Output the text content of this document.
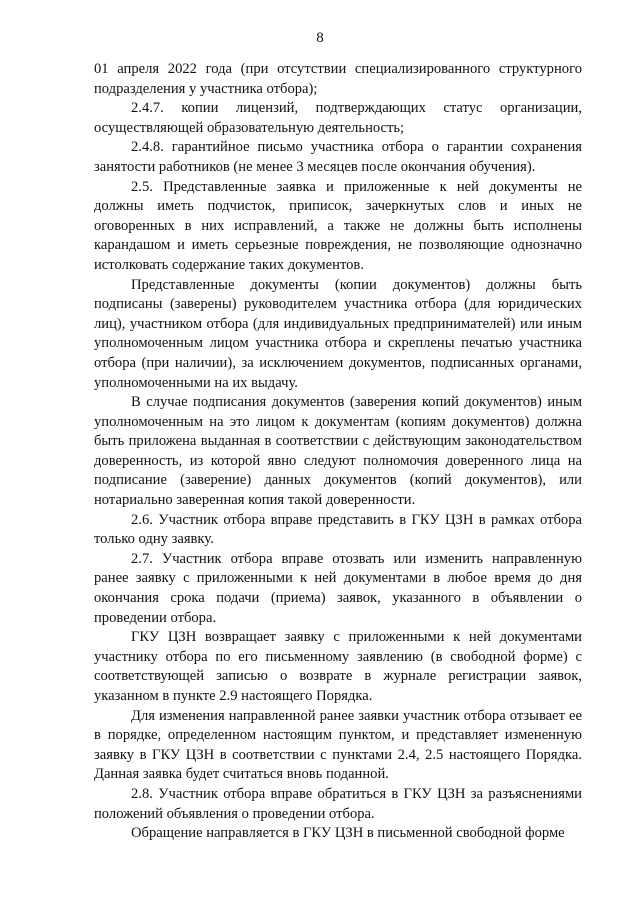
8

01 апреля 2022 года (при отсутствии специализированного структурного подразделения у участника отбора);

2.4.7. копии лицензий, подтверждающих статус организации, осуществляющей образовательную деятельность;

2.4.8. гарантийное письмо участника отбора о гарантии сохранения занятости работников (не менее 3 месяцев после окончания обучения).

2.5. Представленные заявка и приложенные к ней документы не должны иметь подчисток, приписок, зачеркнутых слов и иных не оговоренных в них исправлений, а также не должны быть исполнены карандашом и иметь серьезные повреждения, не позволяющие однозначно истолковать содержание таких документов.

Представленные документы (копии документов) должны быть подписаны (заверены) руководителем участника отбора (для юридических лиц), участником отбора (для индивидуальных предпринимателей) или иным уполномоченным лицом участника отбора и скреплены печатью участника отбора (при наличии), за исключением документов, подписанных органами, уполномоченными на их выдачу.

В случае подписания документов (заверения копий документов) иным уполномоченным на это лицом к документам (копиям документов) должна быть приложена выданная в соответствии с действующим законодательством доверенность, из которой явно следуют полномочия доверенного лица на подписание (заверение) данных документов (копий документов), или нотариально заверенная копия такой доверенности.

2.6. Участник отбора вправе представить в ГКУ ЦЗН в рамках отбора только одну заявку.

2.7. Участник отбора вправе отозвать или изменить направленную ранее заявку с приложенными к ней документами в любое время до дня окончания срока подачи (приема) заявок, указанного в объявлении о проведении отбора.

ГКУ ЦЗН возвращает заявку с приложенными к ней документами участнику отбора по его письменному заявлению (в свободной форме) с соответствующей записью о возврате в журнале регистрации заявок, указанном в пункте 2.9 настоящего Порядка.

Для изменения направленной ранее заявки участник отбора отзывает ее в порядке, определенном настоящим пунктом, и представляет измененную заявку в ГКУ ЦЗН в соответствии с пунктами 2.4, 2.5 настоящего Порядка. Данная заявка будет считаться вновь поданной.

2.8. Участник отбора вправе обратиться в ГКУ ЦЗН за разъяснениями положений объявления о проведении отбора.

Обращение направляется в ГКУ ЦЗН в письменной свободной форме
